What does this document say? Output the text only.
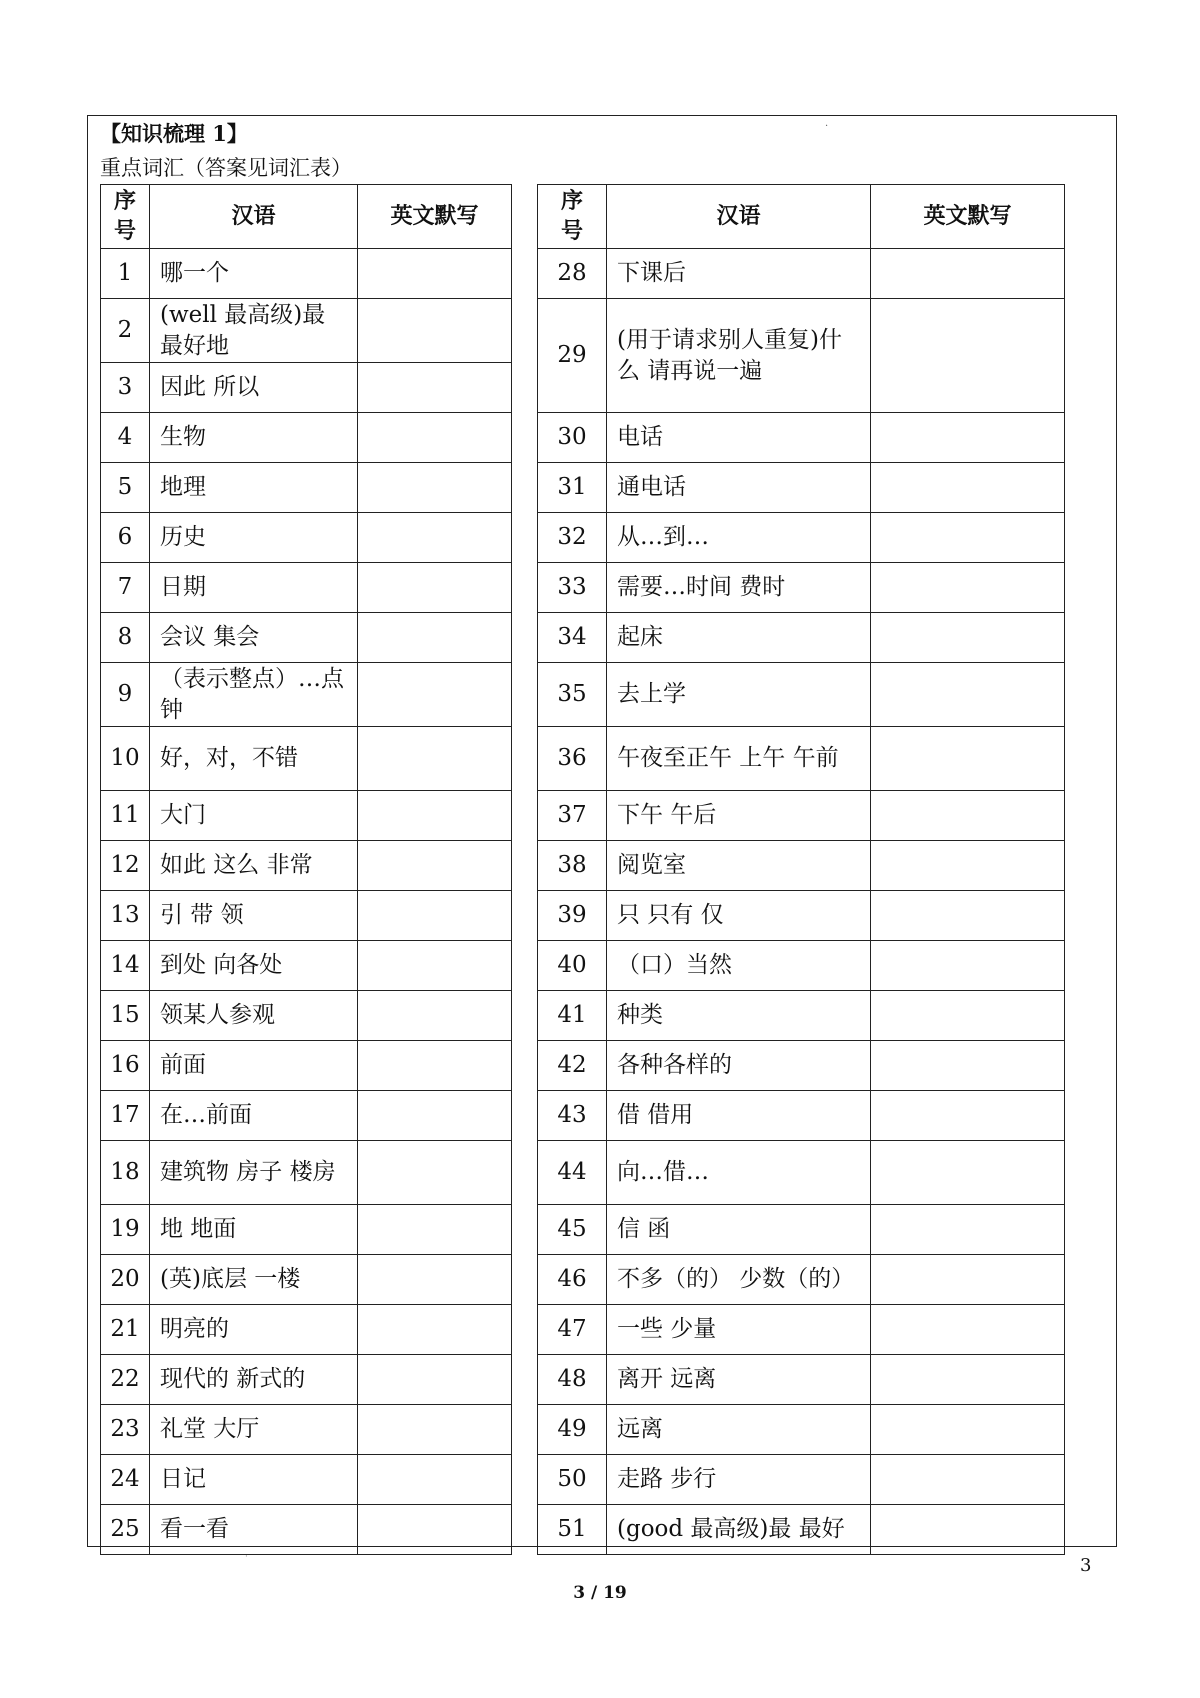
【知识梳理 1】
重点词汇（答案见词汇表）
·
·
序
号	汉语	英文默写
1	哪一个	
2	(well 最高级)最最好地	
3	因此 所以	
4	生物	
5	地理	
6	历史	
7	日期	
8	会议 集会	
9	（表示整点）…点钟	
10	好，对，不错	
11	大门	
12	如此 这么 非常	
13	引 带 领	
14	到处 向各处	
15	领某人参观	
16	前面	
17	在…前面	
18	建筑物 房子 楼房	
19	地 地面	
20	(英)底层 一楼	
21	明亮的	
22	现代的 新式的	
23	礼堂 大厅	
24	日记	
25	看一看	
序
号	汉语	英文默写
28	下课后	
29	(用于请求别人重复)什么 请再说一遍	
30	电话	
31	通电话	
32	从…到…	
33	需要…时间 费时	
34	起床	
35	去上学	
36	午夜至正午 上午 午前	
37	下午 午后	
38	阅览室	
39	只 只有 仅	
40	（口）当然	
41	种类	
42	各种各样的	
43	借 借用	
44	向…借…	
45	信 函	
46	不多（的） 少数（的）	
47	一些 少量	
48	离开 远离	
49	远离	
50	走路 步行	
51	(good 最高级)最 最好	
3
3 / 19
